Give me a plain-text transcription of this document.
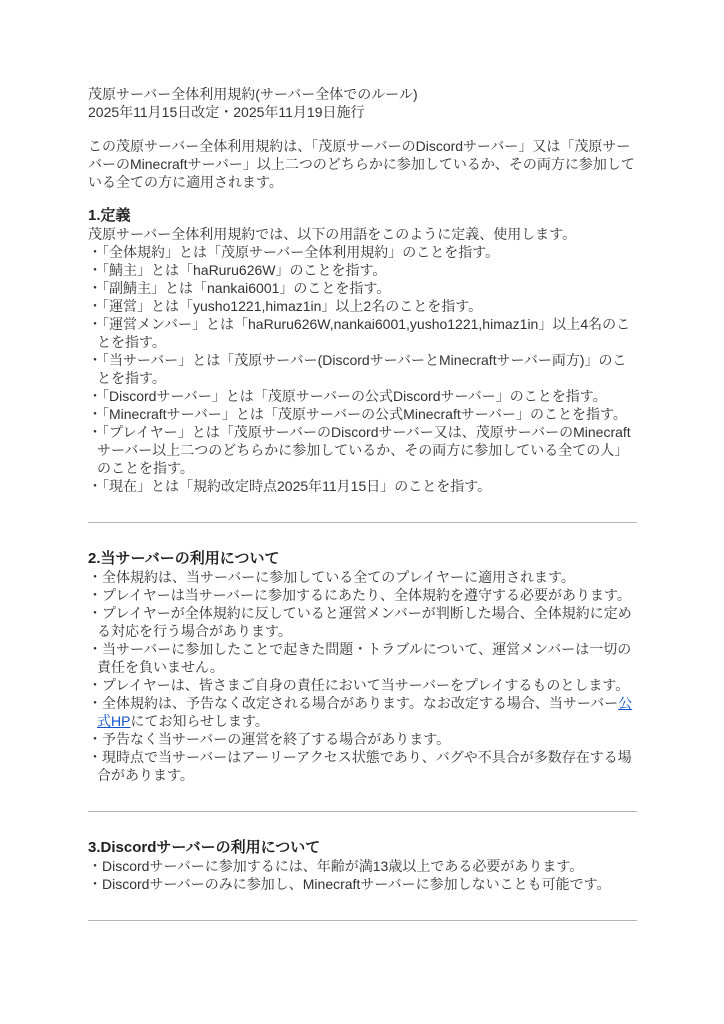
茂原サーバー全体利用規約(サーバー全体でのルール)

2025年11月15日改定・2025年11月19日施行

この茂原サーバー全体利用規約は、「茂原サーバーのDiscordサーバー」又は「茂原サーバーのMinecraftサーバー」以上二つのどちらかに参加しているか、その両方に参加している全ての方に適用されます。

1.定義

茂原サーバー全体利用規約では、以下の用語をこのように定義、使用します。

・「全体規約」とは「茂原サーバー全体利用規約」のことを指す。
・「鯖主」とは「haRuru626W」のことを指す。
・「副鯖主」とは「nankai6001」のことを指す。
・「運営」とは「yusho1221,himaz1in」以上2名のことを指す。
・「運営メンバー」とは「haRuru626W,nankai6001,yusho1221,himaz1in」以上4名のことを指す。
・「当サーバー」とは「茂原サーバー(DiscordサーバーとMinecraftサーバー両方)」のことを指す。
・「Discordサーバー」とは「茂原サーバーの公式Discordサーバー」のことを指す。
・「Minecraftサーバー」とは「茂原サーバーの公式Minecraftサーバー」のことを指す。
・「プレイヤー」とは「茂原サーバーのDiscordサーバー又は、茂原サーバーのMinecraftサーバー以上二つのどちらかに参加しているか、その両方に参加している全ての人」のことを指す。
・「現在」とは「規約改定時点2025年11月15日」のことを指す。
2.当サーバーの利用について
・全体規約は、当サーバーに参加している全てのプレイヤーに適用されます。
・プレイヤーは当サーバーに参加するにあたり、全体規約を遵守する必要があります。
・プレイヤーが全体規約に反していると運営メンバーが判断した場合、全体規約に定める対応を行う場合があります。
・当サーバーに参加したことで起きた問題・トラブルについて、運営メンバーは一切の責任を負いません。
・プレイヤーは、皆さまご自身の責任において当サーバーをプレイするものとします。
・全体規約は、予告なく改定される場合があります。なお改定する場合、当サーバー公式HPにてお知らせします。
・予告なく当サーバーの運営を終了する場合があります。
・現時点で当サーバーはアーリーアクセス状態であり、バグや不具合が多数存在する場合があります。
3.Discordサーバーの利用について
・Discordサーバーに参加するには、年齢が満13歳以上である必要があります。
・Discordサーバーのみに参加し、Minecraftサーバーに参加しないことも可能です。
